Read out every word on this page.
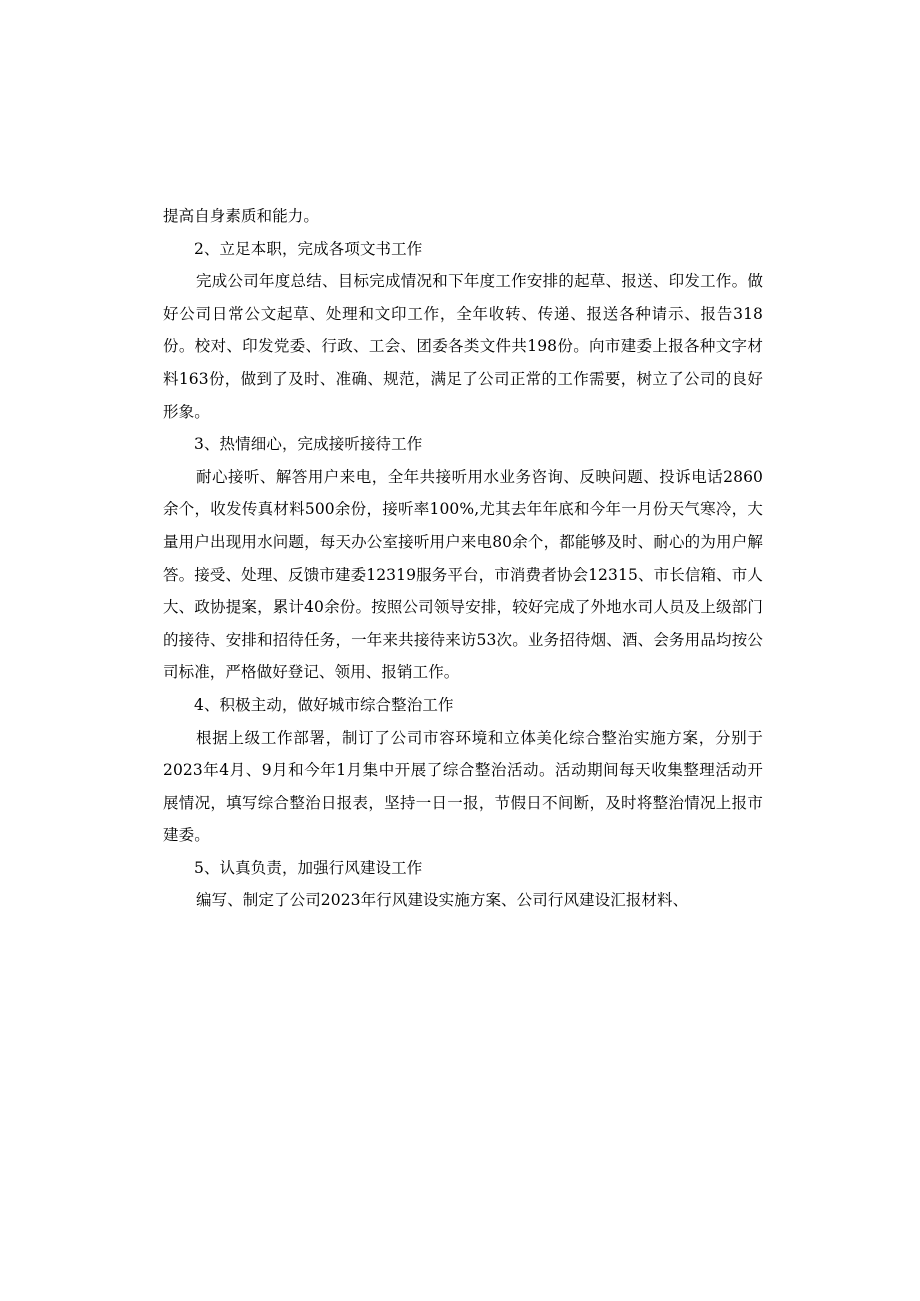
提高自身素质和能力。

2、立足本职，完成各项文书工作

完成公司年度总结、目标完成情况和下年度工作安排的起草、报送、印发工作。做好公司日常公文起草、处理和文印工作，全年收转、传递、报送各种请示、报告318份。校对、印发党委、行政、工会、团委各类文件共198份。向市建委上报各种文字材料163份，做到了及时、准确、规范，满足了公司正常的工作需要，树立了公司的良好形象。

3、热情细心，完成接听接待工作

耐心接听、解答用户来电，全年共接听用水业务咨询、反映问题、投诉电话2860余个，收发传真材料500余份，接听率100%,尤其去年年底和今年一月份天气寒冷，大量用户出现用水问题，每天办公室接听用户来电80余个，都能够及时、耐心的为用户解答。接受、处理、反馈市建委12319服务平台，市消费者协会12315、市长信箱、市人大、政协提案，累计40余份。按照公司领导安排，较好完成了外地水司人员及上级部门的接待、安排和招待任务，一年来共接待来访53次。业务招待烟、酒、会务用品均按公司标准，严格做好登记、领用、报销工作。

4、积极主动，做好城市综合整治工作

根据上级工作部署，制订了公司市容环境和立体美化综合整治实施方案，分别于2023年4月、9月和今年1月集中开展了综合整治活动。活动期间每天收集整理活动开展情况，填写综合整治日报表，坚持一日一报，节假日不间断，及时将整治情况上报市建委。

5、认真负责，加强行风建设工作

编写、制定了公司2023年行风建设实施方案、公司行风建设汇报材料、
